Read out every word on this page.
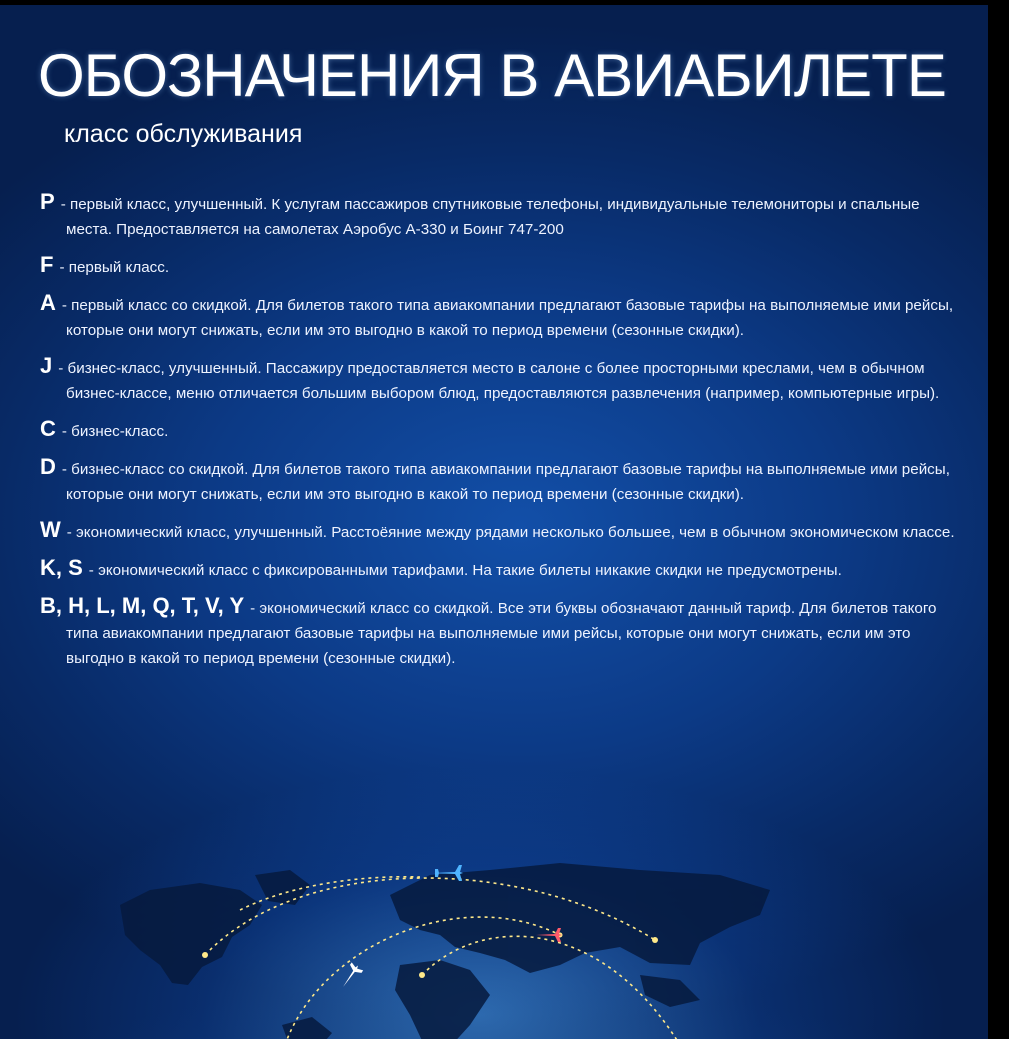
ОБОЗНАЧЕНИЯ В АВИАБИЛЕТЕ
класс обслуживания

P - первый класс, улучшенный. К услугам пассажиров спутниковые телефоны, индивидуальные телемониторы и спальные места. Предоставляется на самолетах Аэробус А-330 и Боинг 747-200

F - первый класс.

A - первый класс со скидкой. Для билетов такого типа авиакомпании предлагают базовые тарифы на выполняемые ими рейсы, которые они могут снижать, если им это выгодно в какой то период времени (сезонные скидки).

J - бизнес-класс, улучшенный. Пассажиру предоставляется место в салоне с более просторными креслами, чем в обычном бизнес-классе, меню отличается большим выбором блюд, предоставляются развлечения (например, компьютерные игры).

C - бизнес-класс.

D - бизнес-класс со скидкой. Для билетов такого типа авиакомпании предлагают базовые тарифы на выполняемые ими рейсы, которые они могут снижать, если им это выгодно в какой то период времени (сезонные скидки).

W - экономический класс, улучшенный. Расстоёяние между рядами несколько большее, чем в обычном экономическом классе.

K, S - экономический класс с фиксированными тарифами. На такие билеты никакие скидки не предусмотрены.

B, H, L, M, Q, T, V, Y - экономический класс со скидкой. Все эти буквы обозначают данный тариф. Для билетов такого типа авиакомпании предлагают базовые тарифы на выполняемые ими рейсы, которые они могут снижать, если им это выгодно в какой то период времени (сезонные скидки).
